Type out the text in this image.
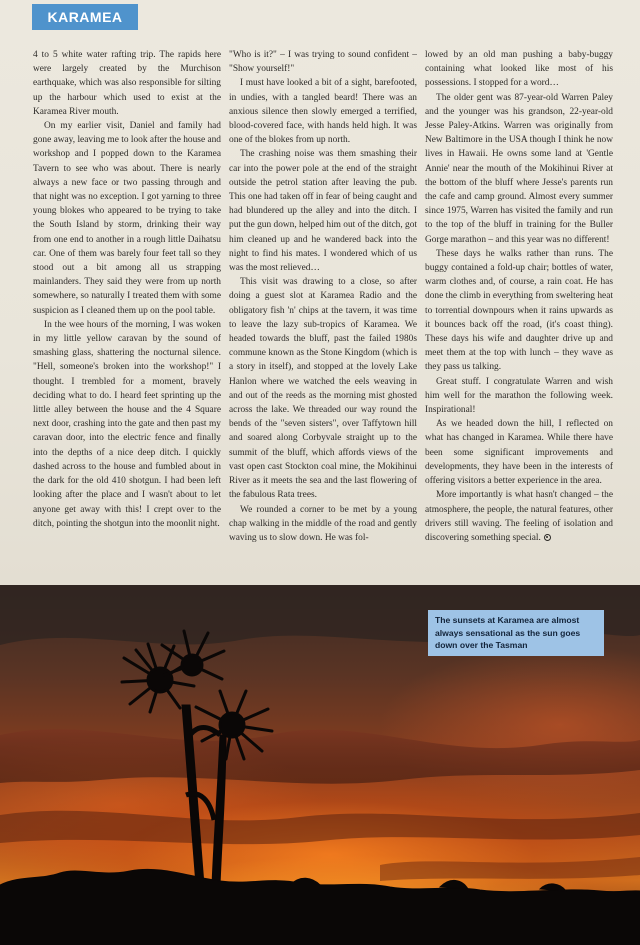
KARAMEA

4 to 5 white water rafting trip. The rapids here were largely created by the Murchison earthquake, which was also responsible for silting up the harbour which used to exist at the Karamea River mouth.

On my earlier visit, Daniel and family had gone away, leaving me to look after the house and workshop and I popped down to the Karamea Tavern to see who was about. There is nearly always a new face or two passing through and that night was no exception. I got yarning to three young blokes who appeared to be trying to take the South Island by storm, drinking their way from one end to another in a rough little Daihatsu car. One of them was barely four feet tall so they stood out a bit among all us strapping mainlanders. They said they were from up north somewhere, so naturally I treated them with some suspicion as I cleaned them up on the pool table.

In the wee hours of the morning, I was woken in my little yellow caravan by the sound of smashing glass, shattering the nocturnal silence. "Hell, someone's broken into the workshop!" I thought. I trembled for a moment, bravely deciding what to do. I heard feet sprinting up the little alley between the house and the 4 Square next door, crashing into the gate and then past my caravan door, into the electric fence and finally into the depths of a nice deep ditch. I quickly dashed across to the house and fumbled about in the dark for the old 410 shotgun. I had been left looking after the place and I wasn't about to let anyone get away with this! I crept over to the ditch, pointing the shotgun into the moonlit night.

"Who is it?" – I was trying to sound confident – "Show yourself!"

I must have looked a bit of a sight, barefooted, in undies, with a tangled beard! There was an anxious silence then slowly emerged a terrified, blood-covered face, with hands held high. It was one of the blokes from up north.

The crashing noise was them smashing their car into the power pole at the end of the straight outside the petrol station after leaving the pub. This one had taken off in fear of being caught and had blundered up the alley and into the ditch. I put the gun down, helped him out of the ditch, got him cleaned up and he wandered back into the night to find his mates. I wondered which of us was the most relieved…

This visit was drawing to a close, so after doing a guest slot at Karamea Radio and the obligatory fish 'n' chips at the tavern, it was time to leave the lazy sub-tropics of Karamea. We headed towards the bluff, past the failed 1980s commune known as the Stone Kingdom (which is a story in itself), and stopped at the lovely Lake Hanlon where we watched the eels weaving in and out of the reeds as the morning mist ghosted across the lake. We threaded our way round the bends of the "seven sisters", over Taffytown hill and soared along Corbyvale straight up to the summit of the bluff, which affords views of the vast open cast Stockton coal mine, the Mokihinui River as it meets the sea and the last flowering of the fabulous Rata trees.

We rounded a corner to be met by a young chap walking in the middle of the road and gently waving us to slow down. He was fol-

lowed by an old man pushing a baby-buggy containing what looked like most of his possessions. I stopped for a word…

The older gent was 87-year-old Warren Paley and the younger was his grandson, 22-year-old Jesse Paley-Atkins. Warren was originally from New Baltimore in the USA though I think he now lives in Hawaii. He owns some land at 'Gentle Annie' near the mouth of the Mokihinui River at the bottom of the bluff where Jesse's parents run the cafe and camp ground. Almost every summer since 1975, Warren has visited the family and run to the top of the bluff in training for the Buller Gorge marathon – and this year was no different!

These days he walks rather than runs. The buggy contained a fold-up chair; bottles of water, warm clothes and, of course, a rain coat. He has done the climb in everything from sweltering heat to torrential downpours when it rains upwards as it bounces back off the road, (it's coast thing). These days his wife and daughter drive up and meet them at the top with lunch – they wave as they pass us talking.

Great stuff. I congratulate Warren and wish him well for the marathon the following week. Inspirational!

As we headed down the hill, I reflected on what has changed in Karamea. While there have been some significant improvements and developments, they have been in the interests of offering visitors a better experience in the area.

More importantly is what hasn't changed – the atmosphere, the people, the natural features, other drivers still waving. The feeling of isolation and discovering something special.

The sunsets at Karamea are almost always sensational as the sun goes down over the Tasman
